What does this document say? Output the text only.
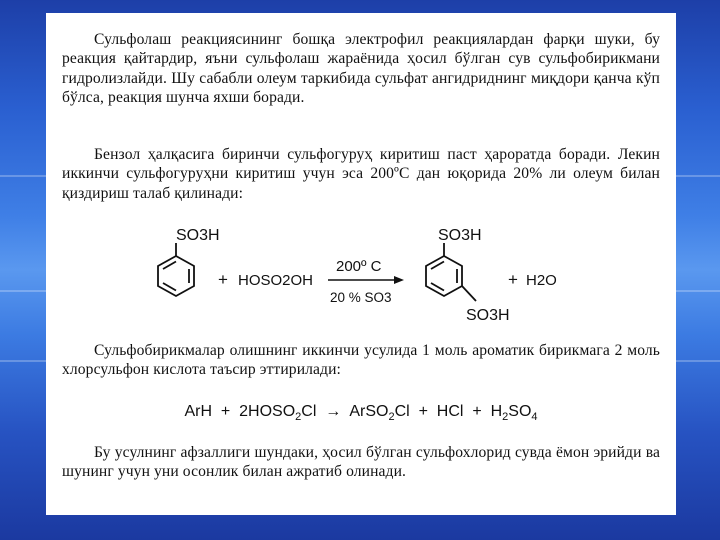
Сульфолаш реакциясининг бошқа электрофил реакциялардан фарқи шуки, бу реакция қайтардир, яъни сульфолаш жараёнида ҳосил бўлган сув сульфобирикмани гидролизлайди. Шу сабабли олеум таркибида сульфат ангидриднинг миқдори қанча кўп бўлса, реакция шунча яхши боради.
Бензол ҳалқасига биринчи сульфогуруҳ киритиш паст ҳароратда боради. Лекин иккинчи сульфогуруҳни киритиш учун эса 200ºС дан юқорида 20% ли олеум билан қиздириш талаб қилинади:
SO3H
+ HOSO2OH
200º C
20 % SO3
SO3H
SO3H
+ H2O
Сульфобирикмалар олишнинг иккинчи усулида 1 моль ароматик бирикмага 2 моль хлорсульфон кислота таъсир эттирилади:
ArH + $2HOSO_2Cl$ → ArSO$_2$Cl + HCl + $H_2SO_4$
Бу усулнинг афзаллиги шундаки, ҳосил бўлган сульфохлорид сувда ёмон эрийди ва шунинг учун уни осонлик билан ажратиб олинади.
